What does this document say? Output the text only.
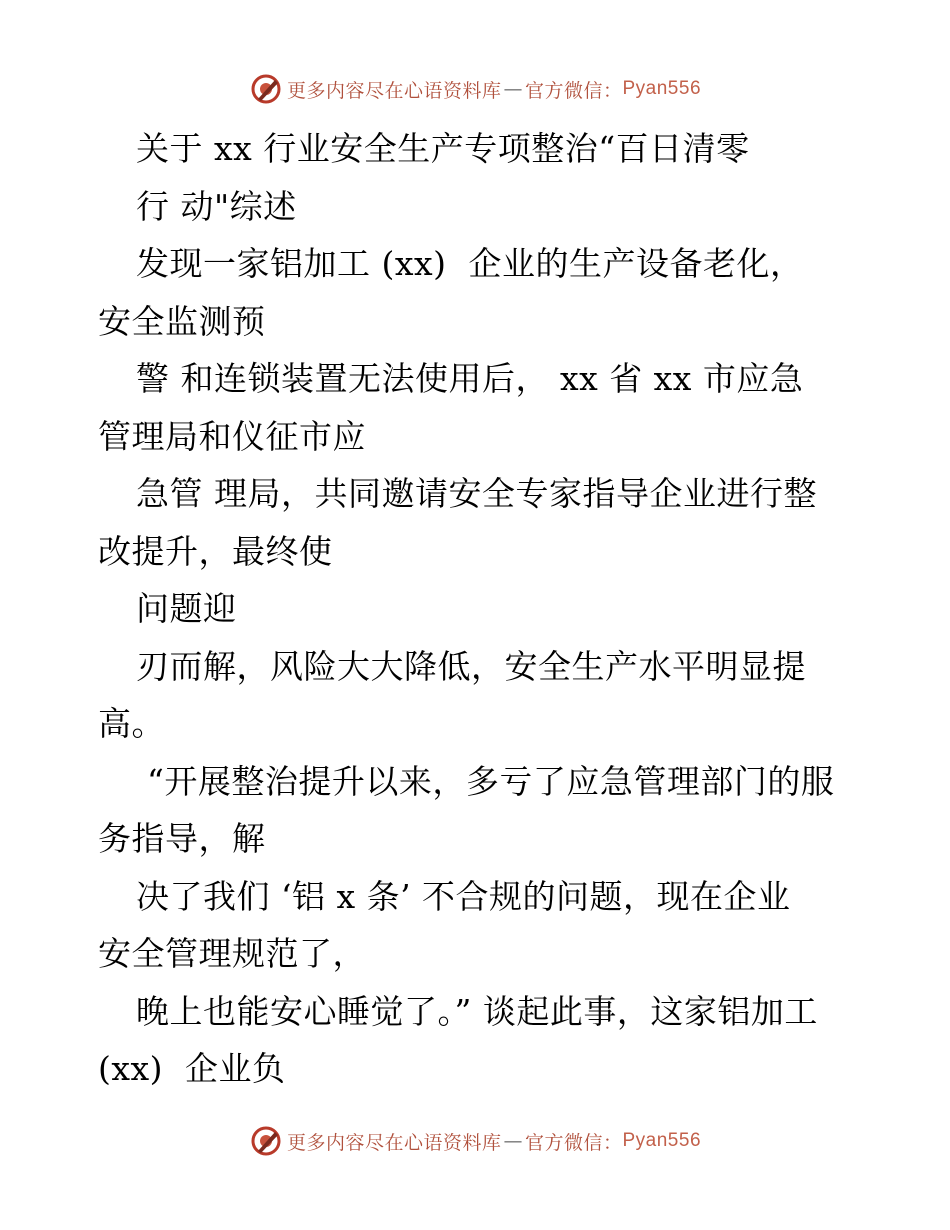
更多内容尽在心语资料库 — 官方微信： Pyan556
关于 xx 行业安全生产专项整治“百日清零
行 动"综述
发现一家铝加工 (xx)  企业的生产设备老化，
安全监测预
警 和连锁装置无法使用后， xx 省 xx 市应急
管理局和仪征市应
急管 理局，共同邀请安全专家指导企业进行整
改提升，最终使
问题迎
刃而解，风险大大降低，安全生产水平明显提
高。
“开展整治提升以来，多亏了应急管理部门的服
务指导，解
决了我们 ‘铝 x 条’ 不合规的问题，现在企业
安全管理规范了，
晚上也能安心睡觉了。” 谈起此事，这家铝加工
(xx)  企业负
更多内容尽在心语资料库 — 官方微信： Pyan556
